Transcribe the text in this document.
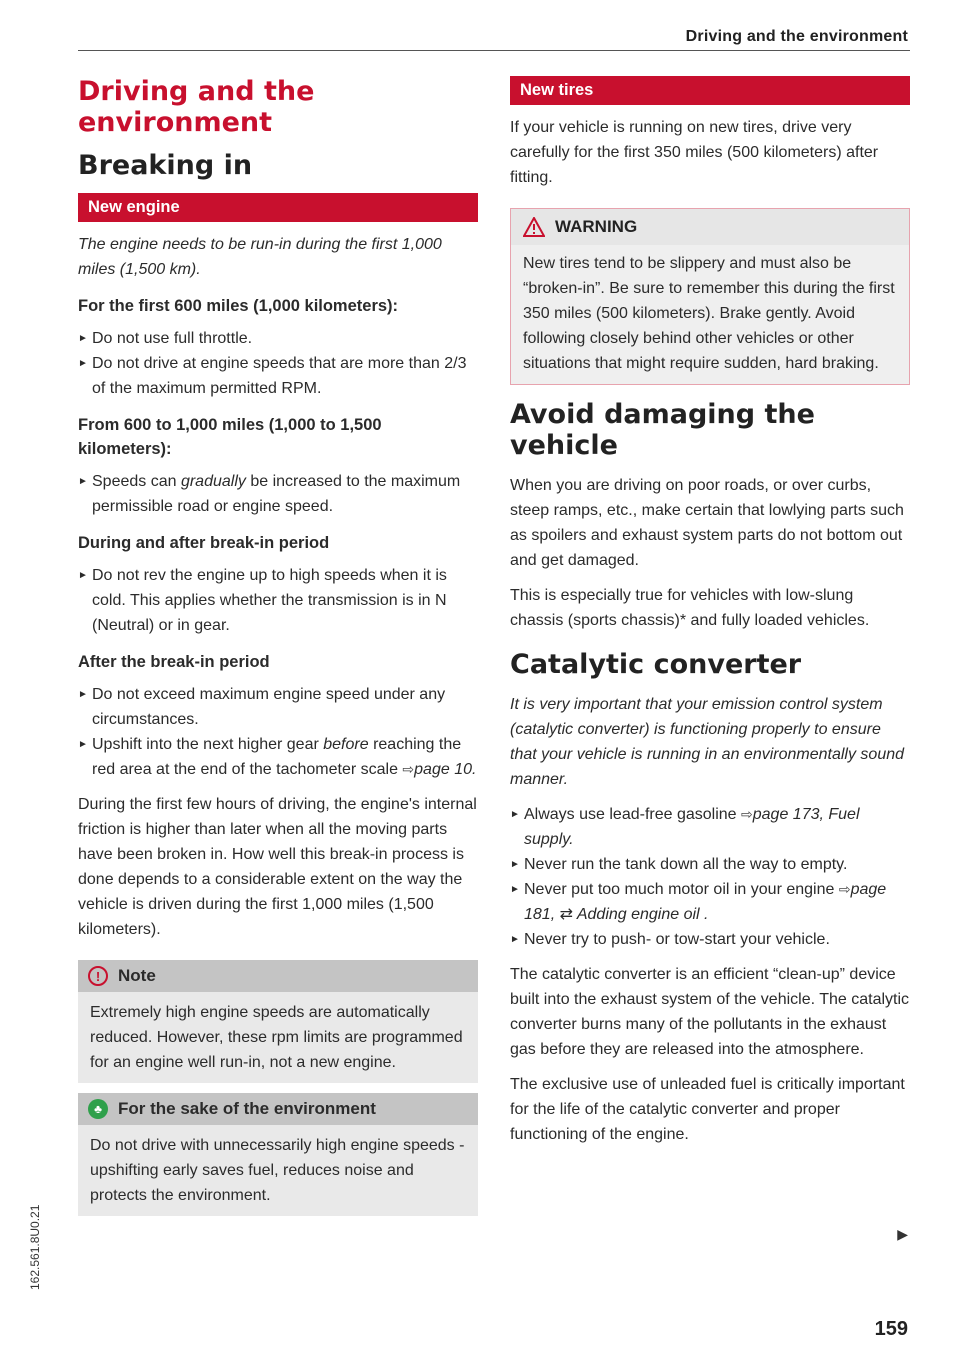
Driving and the environment
Driving and the environment
Breaking in
New engine

The engine needs to be run-in during the first 1,000 miles (1,500 km).

For the first 600 miles (1,000 kilometers):
► Do not use full throttle.
► Do not drive at engine speeds that are more than 2/3 of the maximum permitted RPM.
From 600 to 1,000 miles (1,000 to 1,500 kilometers):
► Speeds can gradually be increased to the maximum permissible road or engine speed.
During and after break-in period
► Do not rev the engine up to high speeds when it is cold. This applies whether the transmission is in N (Neutral) or in gear.
After the break-in period
► Do not exceed maximum engine speed under any circumstances.
► Upshift into the next higher gear before reaching the red area at the end of the tachometer scale ⇨page 10.

During the first few hours of driving, the engine's internal friction is higher than later when all the moving parts have been broken in. How well this break-in process is done depends to a considerable extent on the way the vehicle is driven during the first 1,000 miles (1,500 kilometers).

!	Note

Extremely high engine speeds are automatically reduced. However, these rpm limits are programmed for an engine well run-in, not a new engine.

♣ For the sake of the environment

Do not drive with unnecessarily high engine speeds - upshifting early saves fuel, reduces noise and protects the environment.

New tires

If your vehicle is running on new tires, drive very carefully for the first 350 miles (500 kilometers) after fitting.

WARNING

New tires tend to be slippery and must also be “broken-in”. Be sure to remember this during the first 350 miles (500 kilometers). Brake gently. Avoid following closely behind other vehicles or other situations that might require sudden, hard braking.

Avoid damaging the vehicle

When you are driving on poor roads, or over curbs, steep ramps, etc., make certain that lowlying parts such as spoilers and exhaust system parts do not bottom out and get damaged.

This is especially true for vehicles with low-slung chassis (sports chassis)* and fully loaded vehicles.

Catalytic converter

It is very important that your emission control system (catalytic converter) is functioning properly to ensure that your vehicle is running in an environmentally sound manner.

► Always use lead-free gasoline ⇨page 173, Fuel supply.
► Never run the tank down all the way to empty.
► Never put too much motor oil in your engine ⇨page 181, ⇄ Adding engine oil .
► Never try to push- or tow-start your vehicle.

The catalytic converter is an efficient “clean-up” device built into the exhaust system of the vehicle. The catalytic converter burns many of the pollutants in the exhaust gas before they are released into the atmosphere.

The exclusive use of unleaded fuel is critically important for the life of the catalytic converter and proper functioning of the engine.

▶
159
162.561.8U0.21
